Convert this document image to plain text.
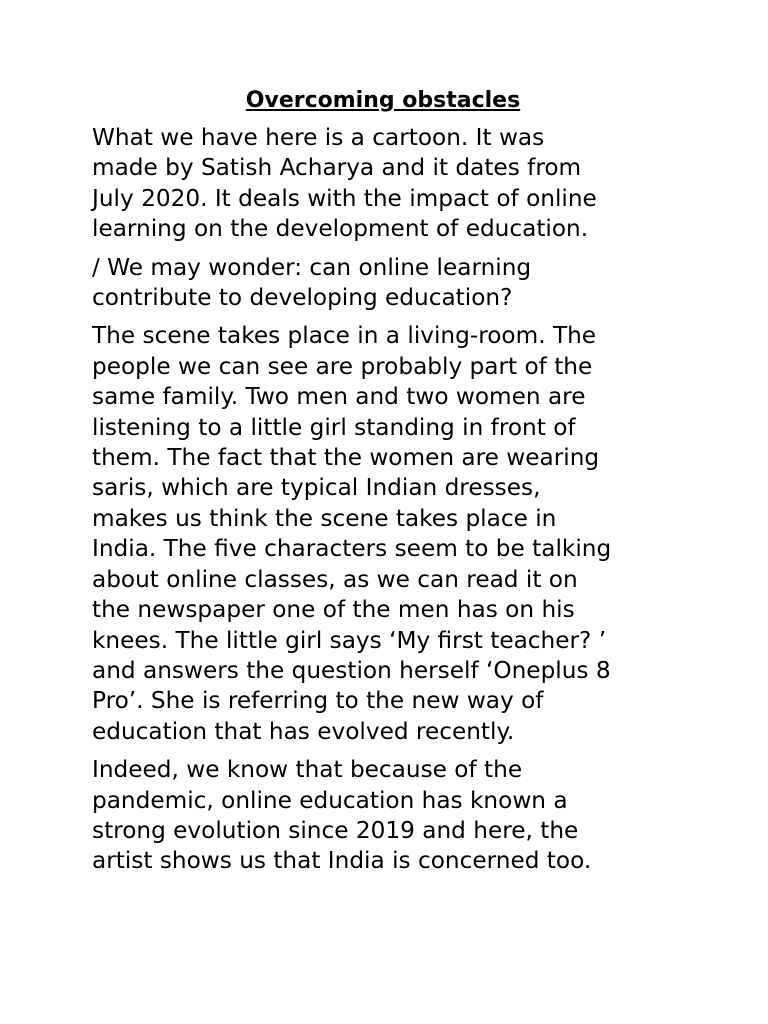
Overcoming obstacles
What we have here is a cartoon. It was
made by Satish Acharya and it dates from
July 2020. It deals with the impact of online
learning on the development of education.
/ We may wonder: can online learning
contribute to developing education?
The scene takes place in a living-room. The
people we can see are probably part of the
same family. Two men and two women are
listening to a little girl standing in front of
them. The fact that the women are wearing
saris, which are typical Indian dresses,
makes us think the scene takes place in
India. The five characters seem to be talking
about online classes, as we can read it on
the newspaper one of the men has on his
knees. The little girl says ‘My first teacher? ’
and answers the question herself ‘Oneplus 8
Pro’. She is referring to the new way of
education that has evolved recently.
Indeed, we know that because of the
pandemic, online education has known a
strong evolution since 2019 and here, the
artist shows us that India is concerned too.
